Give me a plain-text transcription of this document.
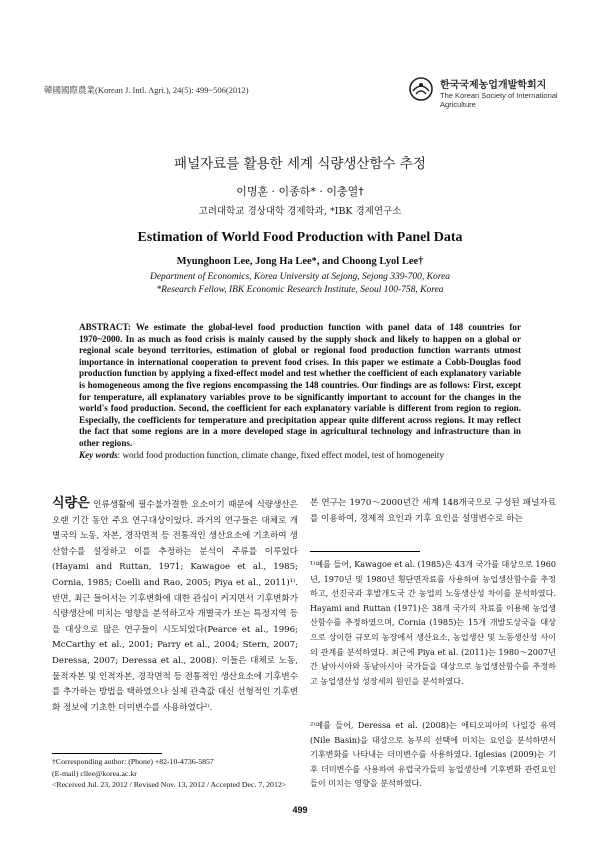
韓國國際農業(Korean J. Intl. Agri.), 24(5): 499~506(2012)	한국국제농업개발학회지
The Korean Society of International Agriculture
패널자료를 활용한 세계 식량생산함수 추정
이명훈 · 이종하* · 이충열†
고려대학교 경상대학 경제학과, *IBK 경제연구소
Estimation of World Food Production with Panel Data
Myunghoon Lee, Jong Ha Lee*, and Choong Lyol Lee†
Department of Economics, Korea University at Sejong, Sejong 339-700, Korea
*Research Fellow, IBK Economic Research Institute, Seoul 100-758, Korea
ABSTRACT: We estimate the global-level food production function with panel data of 148 countries for 1970~2000. In as much as food crisis is mainly caused by the supply shock and likely to happen on a global or regional scale beyond territories, estimation of global or regional food production function warrants utmost importance in international cooperation to prevent food crises. In this paper we estimate a Cobb-Douglas food production function by applying a fixed-effect model and test whether the coefficient of each explanatory variable is homogeneous among the five regions encompassing the 148 countries. Our findings are as follows: First, except for temperature, all explanatory variables prove to be significantly important to account for the changes in the world's food production. Second, the coefficient for each explanatory variable is different from region to region. Especially, the coefficients for temperature and precipitation appear quite different across regions. It may reflect the fact that some regions are in a more developed stage in agricultural technology and infrastructure than in other regions.
Key words: world food production function, climate change, fixed effect model, test of homogeneity
식량은 인류생활에 필수불가결한 요소이기 때문에 식량생산은 오랜 기간 동안 주요 연구대상이었다. 과거의 연구들은 대체로 개별국의 노동, 자본, 경작면적 등 전통적인 생산요소에 기초하여 생산함수를 설정하고 이를 추정하는 분석이 주류를 이루었다(Hayami and Ruttan, 1971; Kawagoe et al., 1985; Cornia, 1985; Coelli and Rao, 2005; Piya et al., 2011)¹⁾. 반면, 최근 들어서는 기후변화에 대한 관심이 커지면서 기후변화가 식량생산에 미치는 영향을 분석하고자 개별국가 또는 특정지역 등을 대상으로 많은 연구들이 시도되었다(Pearce et al., 1996; McCarthy et al., 2001; Parry et al., 2004; Stern, 2007; Deressa, 2007; Deressa et al., 2008). 이들은 대체로 노동, 물적자본 및 인적자본, 경작면적 등 전통적인 생산요소에 기후변수를 추가하는 방법을 택하였으나 실제 관측값 대신 선형적인 기후변화 정보에 기초한 더미변수를 사용하였다²⁾.
†Corresponding author: (Phone) +82-10-4736-5857
(E-mail) cllee@korea.ac.kr
<Received Jul. 23, 2012 / Revised Nov. 13, 2012 / Accepted Dec. 7, 2012>
본 연구는 1970～2000년간 세계 148개국으로 구성된 패널자료를 이용하여, 경제적 요인과 기후 요인을 설명변수로 하는
¹⁾예를 들어, Kawagoe et al. (1985)은 43개 국가를 대상으로 1960년, 1970년 및 1980년 횡단면자료를 사용하여 농업생산함수를 추정하고, 선진국과 후발개도국 간 농업의 노동생산성 차이를 분석하였다. Hayami and Ruttan (1971)은 38개 국가의 자료를 이용해 농업생산함수를 추정하였으며, Cornia (1985)는 15개 개발도상국을 대상으로 상이한 규모의 농장에서 생산요소, 농업생산 및 노동생산성 사이의 관계를 분석하였다. 최근에 Piya et al. (2011)는 1980～2007년간 남아시아와 동남아시아 국가들을 대상으로 농업생산함수를 추정하고 농업생산성 성장세의 원인을 분석하였다.
²⁾예를 들어, Deressa et al. (2008)는 에티오피아의 나일강 유역(Nile Basin)을 대상으로 농부의 선택에 미치는 요인을 분석하면서 기후변화를 나타내는 더미변수를 사용하였다. Iglesias (2009)는 기후 더미변수를 사용하여 유럽국가들의 농업생산에 기후변화 관련요인들이 미치는 영향을 분석하였다.
499
